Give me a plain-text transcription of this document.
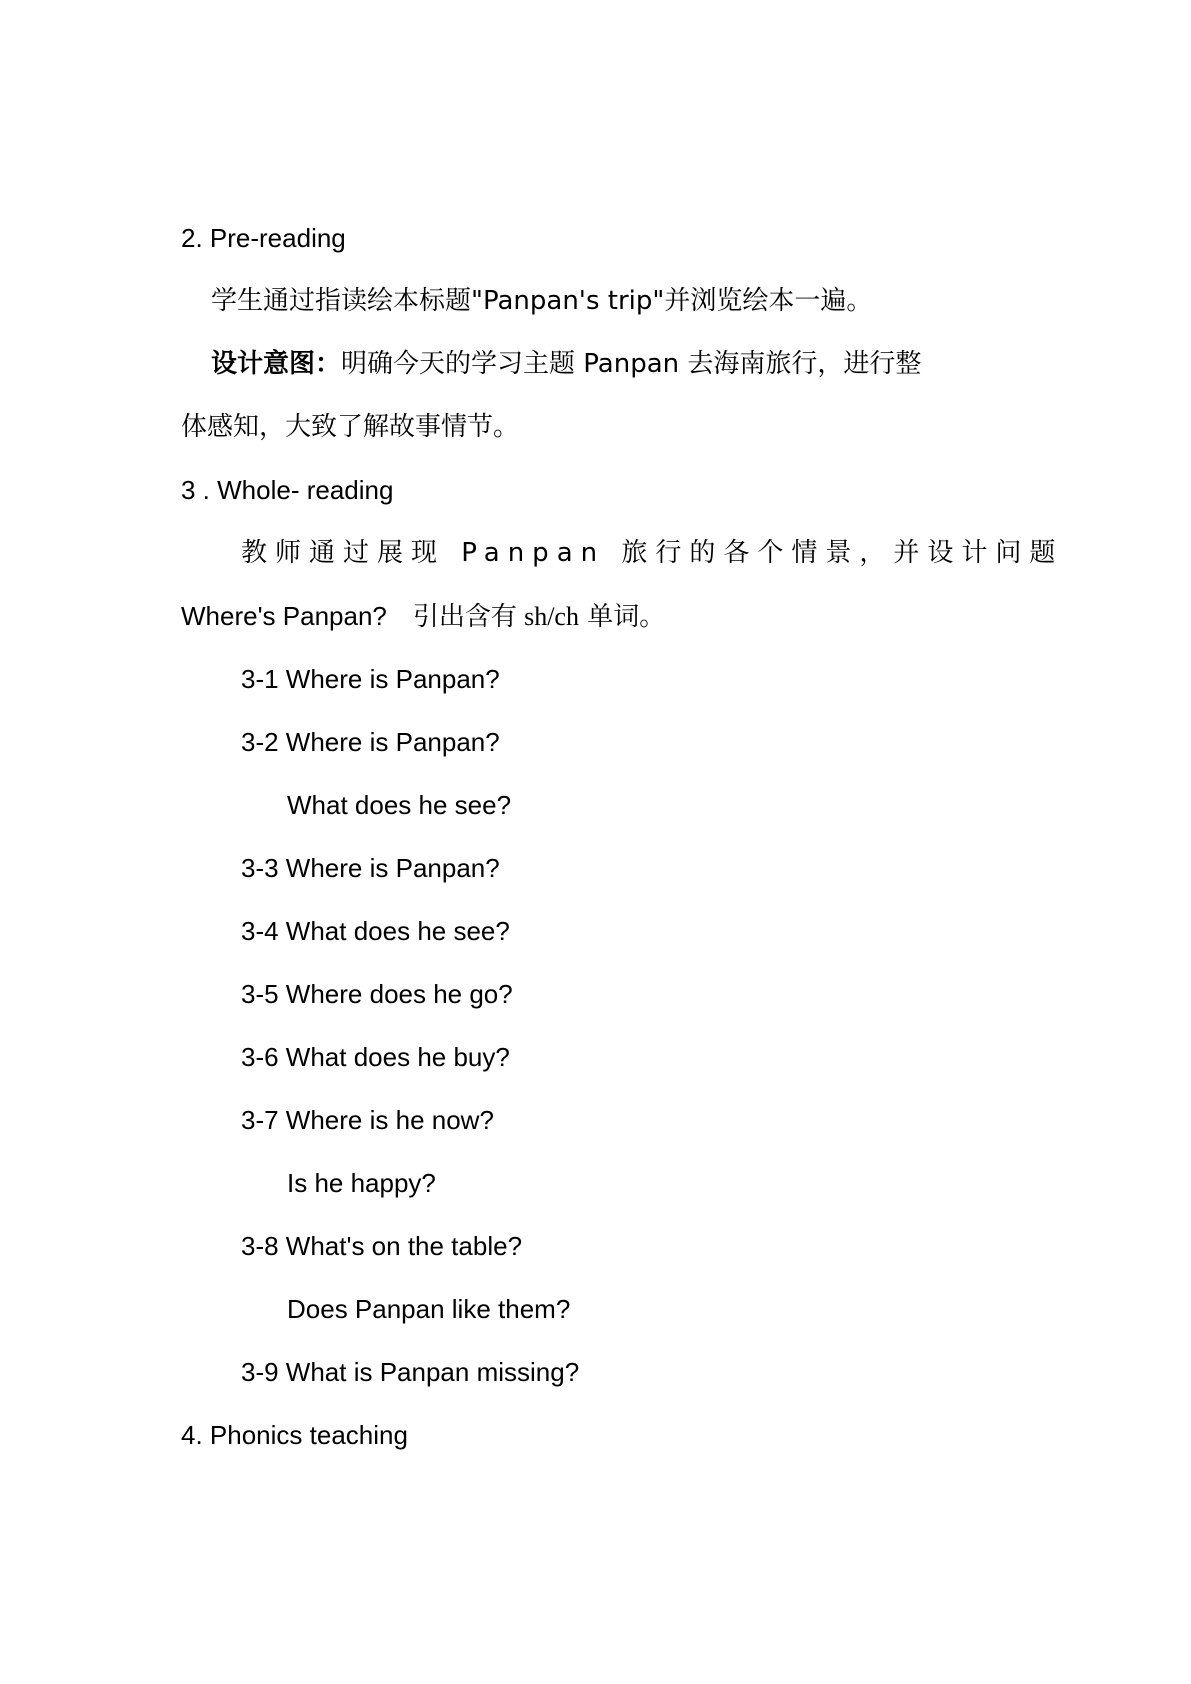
2. Pre-reading
学生通过指读绘本标题"Panpan's trip"并浏览绘本一遍。
设计意图：明确今天的学习主题 Panpan 去海南旅行，进行整
体感知，大致了解故事情节。
3 . Whole- reading
教师通过展现 Panpan 旅行的各个情景，并设计问题
Where's Panpan?　引出含有 sh/ch 单词。
3-1 Where is Panpan?
3-2 Where is Panpan?
What does he see?
3-3 Where is Panpan?
3-4 What does he see?
3-5 Where does he go?
3-6 What does he buy?
3-7 Where is he now?
Is he happy?
3-8 What's on the table?
Does Panpan like them?
3-9 What is Panpan missing?
4. Phonics teaching
